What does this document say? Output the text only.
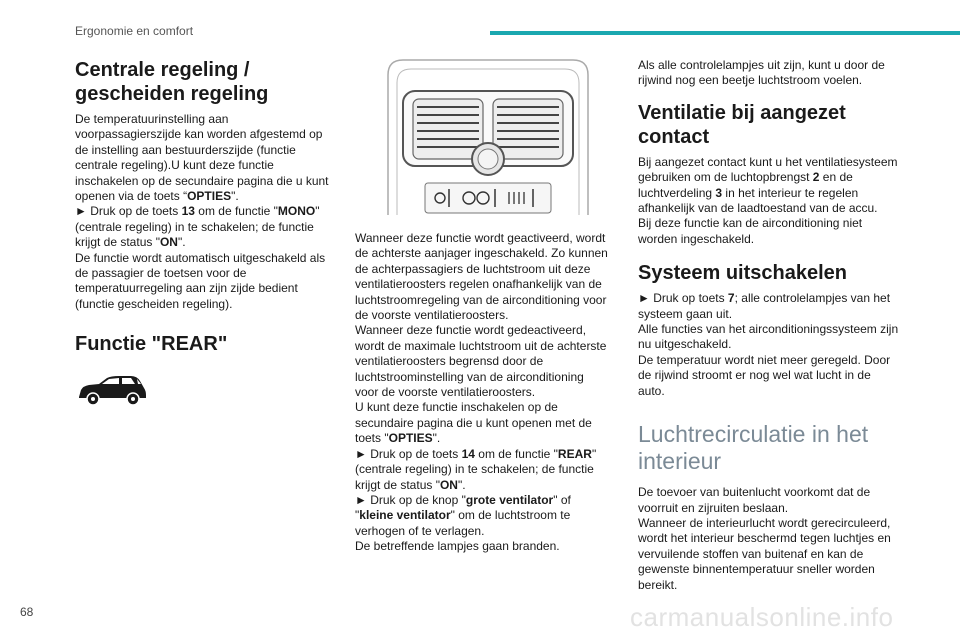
Ergonomie en comfort
Centrale regeling / gescheiden regeling

De temperatuurinstelling aan voorpassagierszijde kan worden afgestemd op de instelling aan bestuurderszijde (functie centrale regeling).U kunt deze functie inschakelen op de secundaire pagina die u kunt openen via de toets “OPTIES".

► Druk op de toets 13 om de functie "MONO" (centrale regeling) in te schakelen; de functie krijgt de status "ON".

De functie wordt automatisch uitgeschakeld als de passagier de toetsen voor de temperatuurregeling aan zijn zijde bedient (functie gescheiden regeling).

Functie "REAR"

Wanneer deze functie wordt geactiveerd, wordt de achterste aanjager ingeschakeld. Zo kunnen de achterpassagiers de luchtstroom uit deze ventilatieroosters regelen onafhankelijk van de luchtstroomregeling van de airconditioning voor de voorste ventilatieroosters.

Wanneer deze functie wordt gedeactiveerd, wordt de maximale luchtstroom uit de achterste ventilatieroosters begrensd door de luchtstroominstelling van de airconditioning voor de voorste ventilatieroosters.

U kunt deze functie inschakelen op de secundaire pagina die u kunt openen met de toets "OPTIES".

► Druk op de toets 14 om de functie "REAR" (centrale regeling) in te schakelen; de functie krijgt de status "ON".

► Druk op de knop "grote ventilator" of "kleine ventilator" om de luchtstroom te verhogen of te verlagen.

De betreffende lampjes gaan branden.

Als alle controlelampjes uit zijn, kunt u door de rijwind nog een beetje luchtstroom voelen.

Ventilatie bij aangezet contact

Bij aangezet contact kunt u het ventilatiesysteem gebruiken om de luchtopbrengst 2 en de luchtverdeling 3 in het interieur te regelen afhankelijk van de laadtoestand van de accu.

Bij deze functie kan de airconditioning niet worden ingeschakeld.

Systeem uitschakelen

► Druk op toets 7; alle controlelampjes van het systeem gaan uit.

Alle functies van het airconditioningssysteem zijn nu uitgeschakeld.

De temperatuur wordt niet meer geregeld. Door de rijwind stroomt er nog wel wat lucht in de auto.

Luchtrecirculatie in het interieur

De toevoer van buitenlucht voorkomt dat de voorruit en zijruiten beslaan.

Wanneer de interieurlucht wordt gerecirculeerd, wordt het interieur beschermd tegen luchtjes en vervuilende stoffen van buitenaf en kan de gewenste binnentemperatuur sneller worden bereikt.

68	carmanualsonline.info
